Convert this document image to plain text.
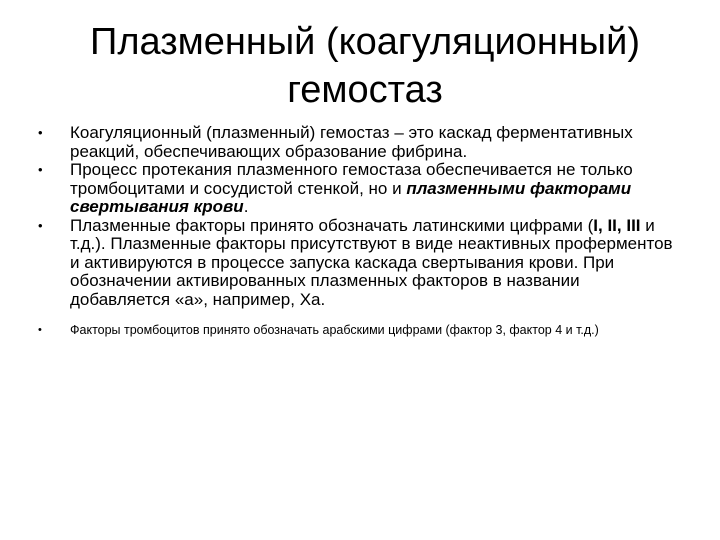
Плазменный (коагуляционный)
гемостаз
• Коагуляционный (плазменный) гемостаз – это каскад ферментативных реакций, обеспечивающих образование фибрина.
• Процесс протекания плазменного гемостаза обеспечивается не только тромбоцитами и сосудистой стенкой, но и плазменными факторами свертывания крови.
• Плазменные факторы принято обозначать латинскими цифрами (I, II, III и т.д.). Плазменные факторы присутствуют в виде неактивных проферментов и активируются в процессе запуска каскада свертывания крови. При обозначении активированных плазменных факторов в названии добавляется «а», например, Ха.
• Факторы тромбоцитов принято обозначать арабскими цифрами (фактор 3, фактор 4 и т.д.)
